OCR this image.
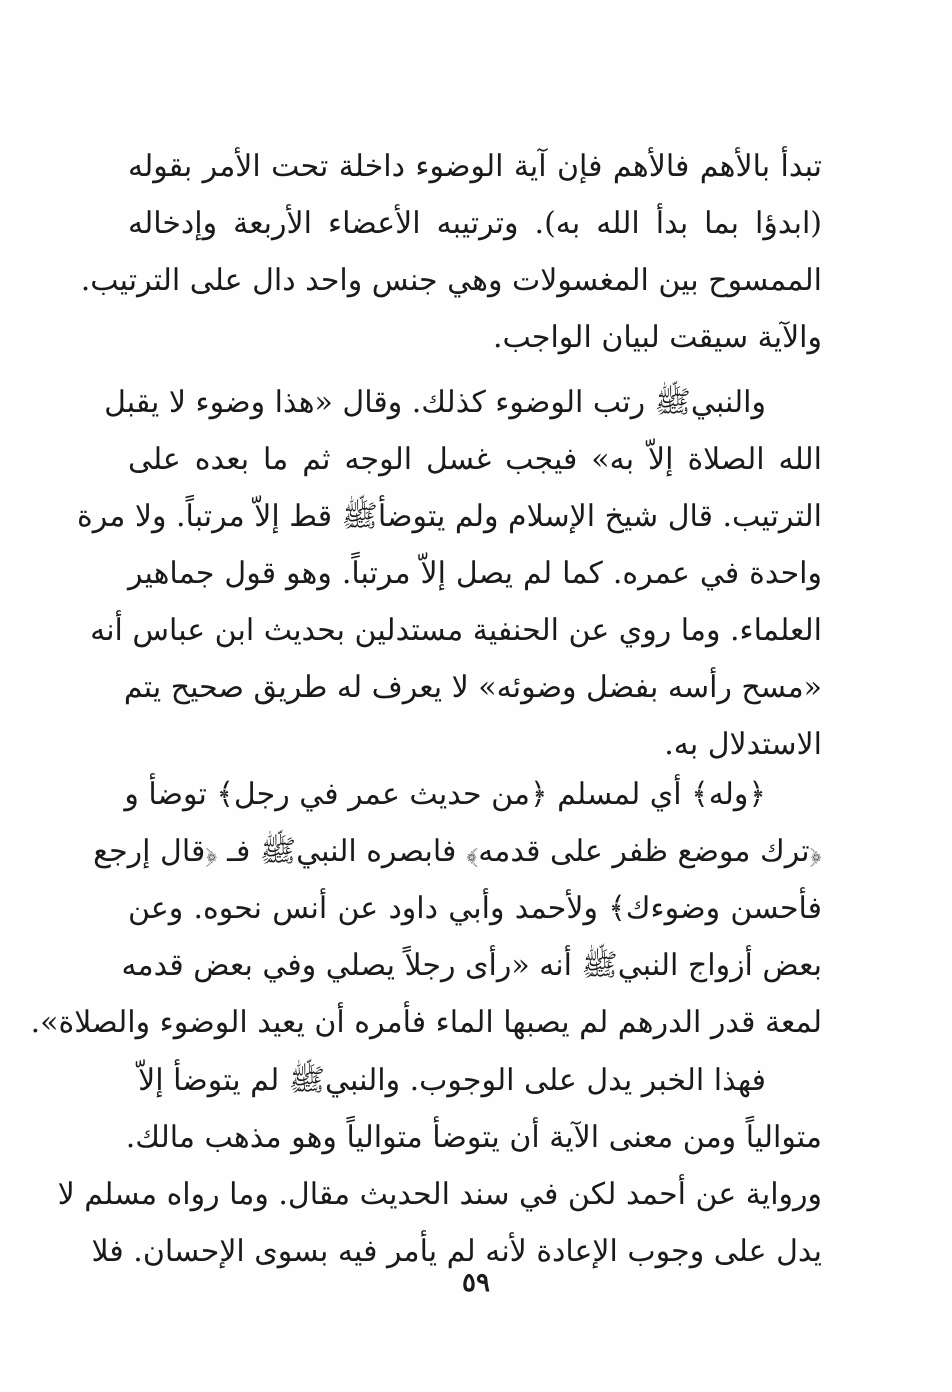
تبدأ بالأهم فالأهم فإن آية الوضوء داخلة تحت الأمر بقوله
(ابدؤا بما بدأ الله به). وترتيبه الأعضاء الأربعة وإدخاله
الممسوح بين المغسولات وهي جنس واحد دال على الترتيب.
والآية سيقت لبيان الواجب.
والنبيﷺ رتب الوضوء كذلك. وقال «هذا وضوء لا يقبل
الله الصلاة إلاّ به» فيجب غسل الوجه ثم ما بعده على
الترتيب. قال شيخ الإسلام ولم يتوضأﷺ قط إلاّ مرتباً. ولا مرة
واحدة في عمره. كما لم يصل إلاّ مرتباً. وهو قول جماهير
العلماء. وما روي عن الحنفية مستدلين بحديث ابن عباس أنه
«مسح رأسه بفضل وضوئه» لا يعرف له طريق صحيح يتم
الاستدلال به.
﴿وله﴾ أي لمسلم ﴿من حديث عمر في رجل﴾ توضأ و
﴿ترك موضع ظفر على قدمه﴾ فابصره النبيﷺ فـ ﴿قال إرجع
فأحسن وضوءك﴾ ولأحمد وأبي داود عن أنس نحوه. وعن
بعض أزواج النبيﷺ أنه «رأى رجلاً يصلي وفي بعض قدمه
لمعة قدر الدرهم لم يصبها الماء فأمره أن يعيد الوضوء والصلاة».
فهذا الخبر يدل على الوجوب. والنبيﷺ لم يتوضأ إلاّ
متوالياً ومن معنى الآية أن يتوضأ متوالياً وهو مذهب مالك.
ورواية عن أحمد لكن في سند الحديث مقال. وما رواه مسلم لا
يدل على وجوب الإعادة لأنه لم يأمر فيه بسوى الإحسان. فلا
٥٩
